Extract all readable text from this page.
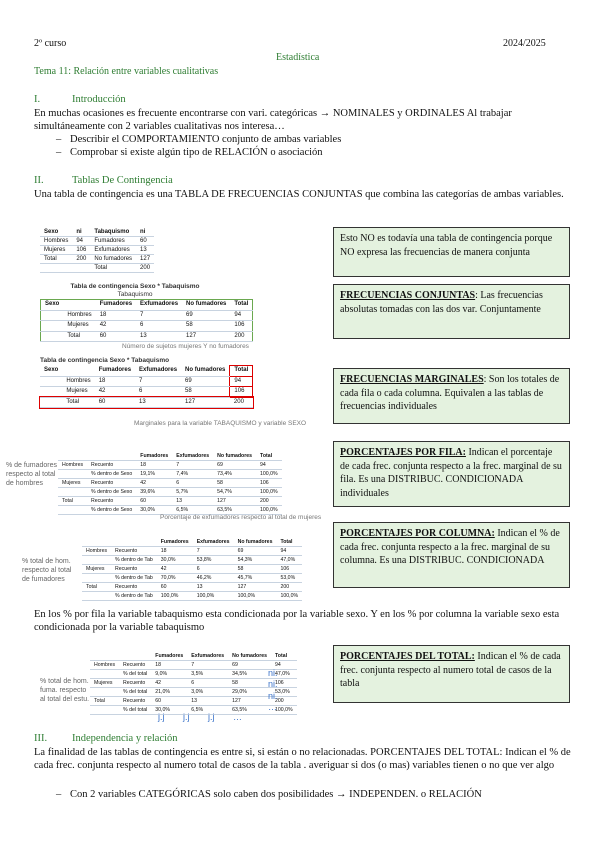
2º curso	2024/2025
Estadística
Tema 11: Relación entre variables cualitativas
I.	Introducción
En muchas ocasiones es frecuente encontrarse con vari. categóricas → NOMINALES y ORDINALES Al trabajar simultáneamente con 2 variables cualitativas nos interesa…
– Describir el COMPORTAMIENTO conjunto de ambas variables
– Comprobar si existe algún tipo de RELACIÓN o asociación
II.	Tablas De Contingencia
Una tabla de contingencia es una TABLA DE FRECUENCIAS CONJUNTAS que combina las categorías de ambas variables.
Sexo	ni	Tabaquismo	ni
Hombres	94	Fumadores	60
Mujeres	106	Exfumadores	13
Total	200	No fumadores	127
		Total	200
Tabla de contingencia Sexo * Tabaquismo
Tabaquismo
Sexo		Fumadores	Exfumadores	No fumadores	Total
	Hombres	18	7	69	94
	Mujeres	42	6	58	106
	Total	60	13	127	200
Número de sujetos mujeres Y no fumadores
Tabla de contingencia Sexo * Tabaquismo
Sexo		Fumadores	Exfumadores	No fumadores	Total
	Hombres	18	7	69	94
	Mujeres	42	6	58	106
	Total	60	13	127	200
Marginales para la variable TABAQUISMO y variable SEXO
% de fumadores
respecto al total
de hombres
		Fumadores	Exfumadores	No fumadores	Total
Hombres	Recuento	18	7	69	94
	% dentro de Sexo	19,1%	7,4%	73,4%	100,0%
Mujeres	Recuento	42	6	58	106
	% dentro de Sexo	39,6%	5,7%	54,7%	100,0%
Total	Recuento	60	13	127	200
	% dentro de Sexo	30,0%	6,5%	63,5%	100,0%
Porcentaje de exfumadores respecto al total de mujeres
% total de hom.
respecto al total
de fumadores
		Fumadores	Exfumadores	No fumadores	Total
Hombres	Recuento	18	7	69	94
	% dentro de Tab	30,0%	53,8%	54,3%	47,0%
Mujeres	Recuento	42	6	58	106
	% dentro de Tab	70,0%	46,2%	45,7%	53,0%
Total	Recuento	60	13	127	200
	% dentro de Tab	100,0%	100,0%	100,0%	100,0%
En los % por fila la variable tabaquismo esta condicionada por la variable sexo. Y en los % por columna la variable sexo esta condicionada por la variable tabaquismo
% total de hom.
fuma. respecto
al total del estu.
		Fumadores	Exfumadores	No fumadores	Total
Hombres	Recuento	18	7	69	94
	% del total	9,0%	3,5%	34,5%	47,0%
Mujeres	Recuento	42	6	58	106
	% del total	21,0%	3,0%	29,0%	53,0%
Total	Recuento	60	13	127	200
	% del total	30,0%	6,5%	63,5%	100,0%
ni.
ni.
ni.
…
j.j j.j j.j …
Esto NO es todavía una tabla de contingencia porque NO expresa las frecuencias de manera conjunta
FRECUENCIAS CONJUNTAS: Las frecuencias absolutas tomadas con las dos var. Conjuntamente
FRECUENCIAS MARGINALES: Son los totales de cada fila o cada columna. Equivalen a las tablas de frecuencias individuales
PORCENTAJES POR FILA: Indican el porcentaje de cada frec. conjunta respecto a la frec. marginal de su fila. Es una DISTRIBUC. CONDICIONADA individuales
PORCENTAJES POR COLUMNA: Indican el % de cada frec. conjunta respecto a la frec. marginal de su columna. Es una DISTRIBUC. CONDICIONADA
PORCENTAJES DEL TOTAL: Indican el % de cada frec. conjunta respecto al numero total de casos de la tabla
III. Independencia y relación
La finalidad de las tablas de contingencia es entre si, si están o no relacionadas. PORCENTAJES DEL TOTAL: Indican el % de cada frec. conjunta respecto al numero total de casos de la tabla . averiguar si dos (o mas) variables tienen o no que ver algo
– Con 2 variables CATEGÓRICAS solo caben dos posibilidades → INDEPENDEN. o RELACIÓN
